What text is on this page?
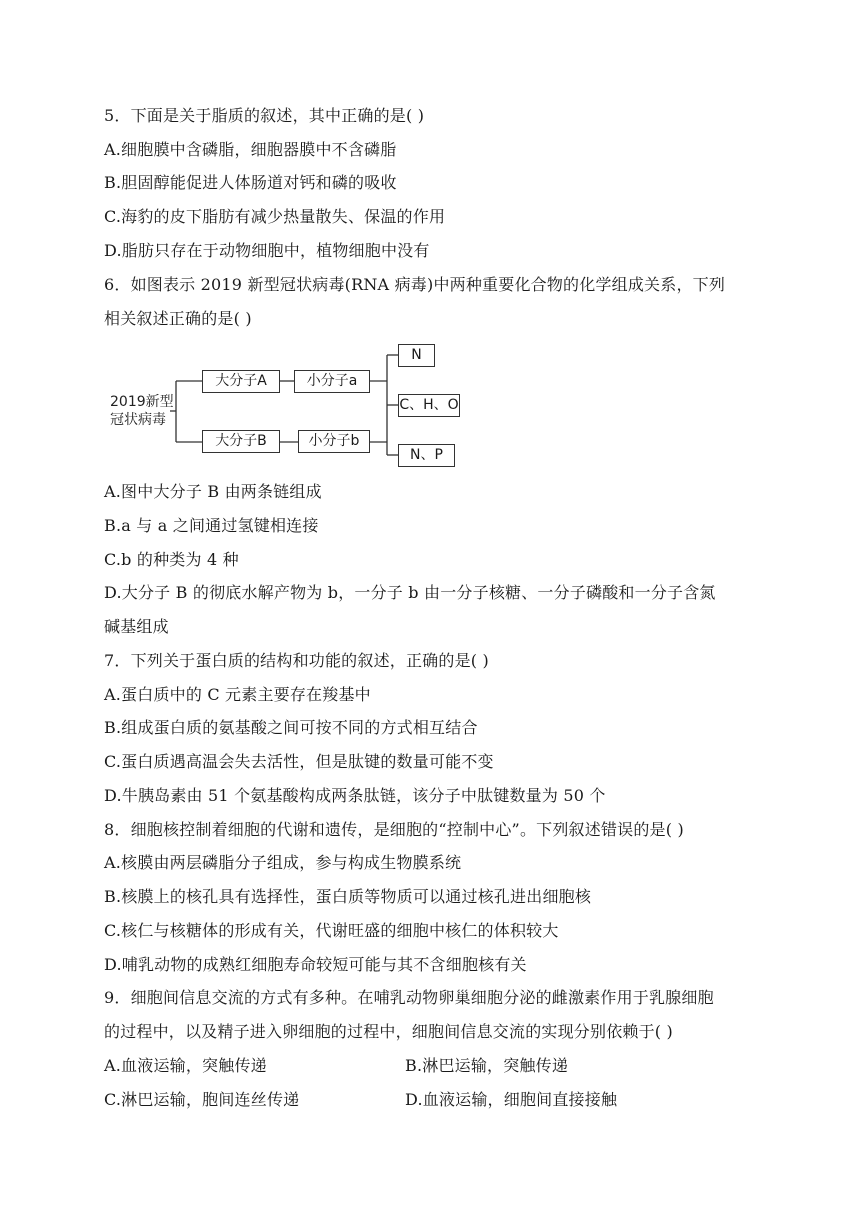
5．下面是关于脂质的叙述，其中正确的是( )
A.细胞膜中含磷脂，细胞器膜中不含磷脂
B.胆固醇能促进人体肠道对钙和磷的吸收
C.海豹的皮下脂肪有减少热量散失、保温的作用
D.脂肪只存在于动物细胞中，植物细胞中没有
6．如图表示 2019 新型冠状病毒(RNA 病毒)中两种重要化合物的化学组成关系，下列
相关叙述正确的是( )
2019新型
冠状病毒
大分子A	小分子a
大分子B	小分子b
N
C、H、O
N、P
A.图中大分子 B 由两条链组成
B.a 与 a 之间通过氢键相连接
C.b 的种类为 4 种
D.大分子 B 的彻底水解产物为 b，一分子 b 由一分子核糖、一分子磷酸和一分子含氮
碱基组成
7．下列关于蛋白质的结构和功能的叙述，正确的是( )
A.蛋白质中的 C 元素主要存在羧基中
B.组成蛋白质的氨基酸之间可按不同的方式相互结合
C.蛋白质遇高温会失去活性，但是肽键的数量可能不变
D.牛胰岛素由 51 个氨基酸构成两条肽链，该分子中肽键数量为 50 个
8．细胞核控制着细胞的代谢和遗传，是细胞的“控制中心”。下列叙述错误的是( )
A.核膜由两层磷脂分子组成，参与构成生物膜系统
B.核膜上的核孔具有选择性，蛋白质等物质可以通过核孔进出细胞核
C.核仁与核糖体的形成有关，代谢旺盛的细胞中核仁的体积较大
D.哺乳动物的成熟红细胞寿命较短可能与其不含细胞核有关
9．细胞间信息交流的方式有多种。在哺乳动物卵巢细胞分泌的雌激素作用于乳腺细胞
的过程中，以及精子进入卵细胞的过程中，细胞间信息交流的实现分别依赖于( )
A.血液运输，突触传递	B.淋巴运输，突触传递
C.淋巴运输，胞间连丝传递	D.血液运输，细胞间直接接触
